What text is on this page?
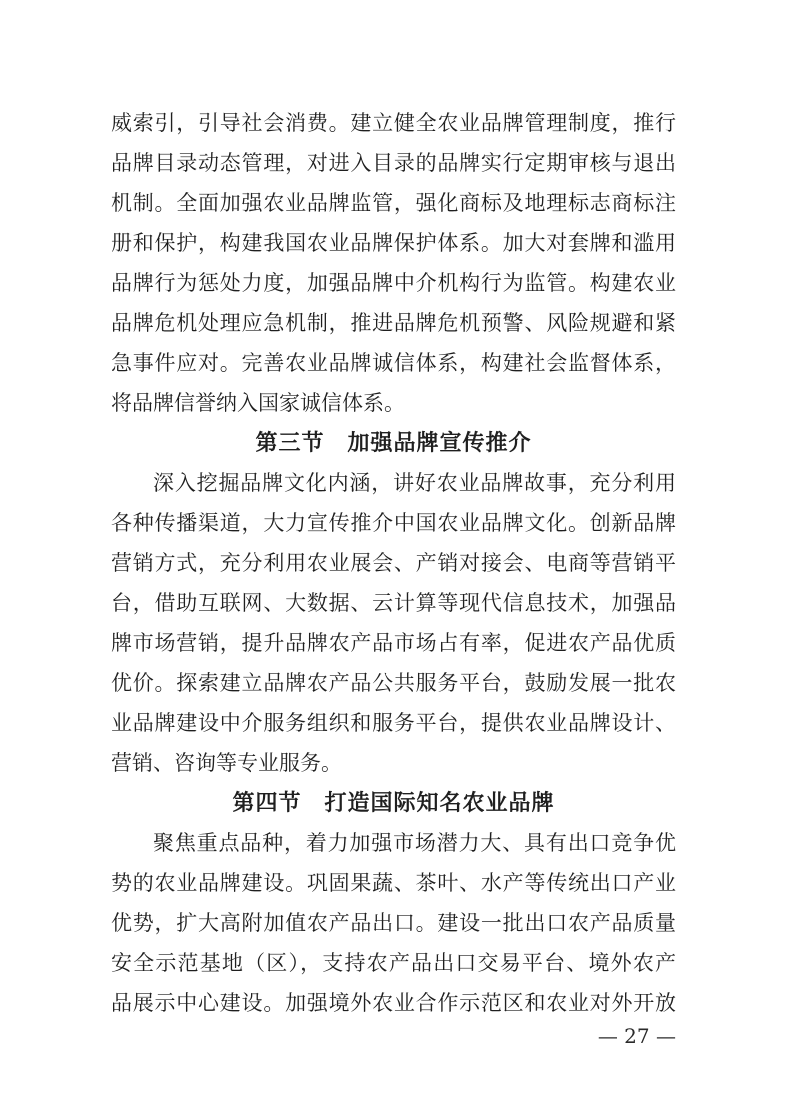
威索引，引导社会消费。建立健全农业品牌管理制度，推行
品牌目录动态管理，对进入目录的品牌实行定期审核与退出
机制。全面加强农业品牌监管，强化商标及地理标志商标注
册和保护，构建我国农业品牌保护体系。加大对套牌和滥用
品牌行为惩处力度，加强品牌中介机构行为监管。构建农业
品牌危机处理应急机制，推进品牌危机预警、风险规避和紧
急事件应对。完善农业品牌诚信体系，构建社会监督体系，
将品牌信誉纳入国家诚信体系。
第三节　加强品牌宣传推介
深入挖掘品牌文化内涵，讲好农业品牌故事，充分利用
各种传播渠道，大力宣传推介中国农业品牌文化。创新品牌
营销方式，充分利用农业展会、产销对接会、电商等营销平
台，借助互联网、大数据、云计算等现代信息技术，加强品
牌市场营销，提升品牌农产品市场占有率，促进农产品优质
优价。探索建立品牌农产品公共服务平台，鼓励发展一批农
业品牌建设中介服务组织和服务平台，提供农业品牌设计、
营销、咨询等专业服务。
第四节　打造国际知名农业品牌
聚焦重点品种，着力加强市场潜力大、具有出口竞争优
势的农业品牌建设。巩固果蔬、茶叶、水产等传统出口产业
优势，扩大高附加值农产品出口。建设一批出口农产品质量
安全示范基地（区），支持农产品出口交易平台、境外农产
品展示中心建设。加强境外农业合作示范区和农业对外开放
— 27 —
